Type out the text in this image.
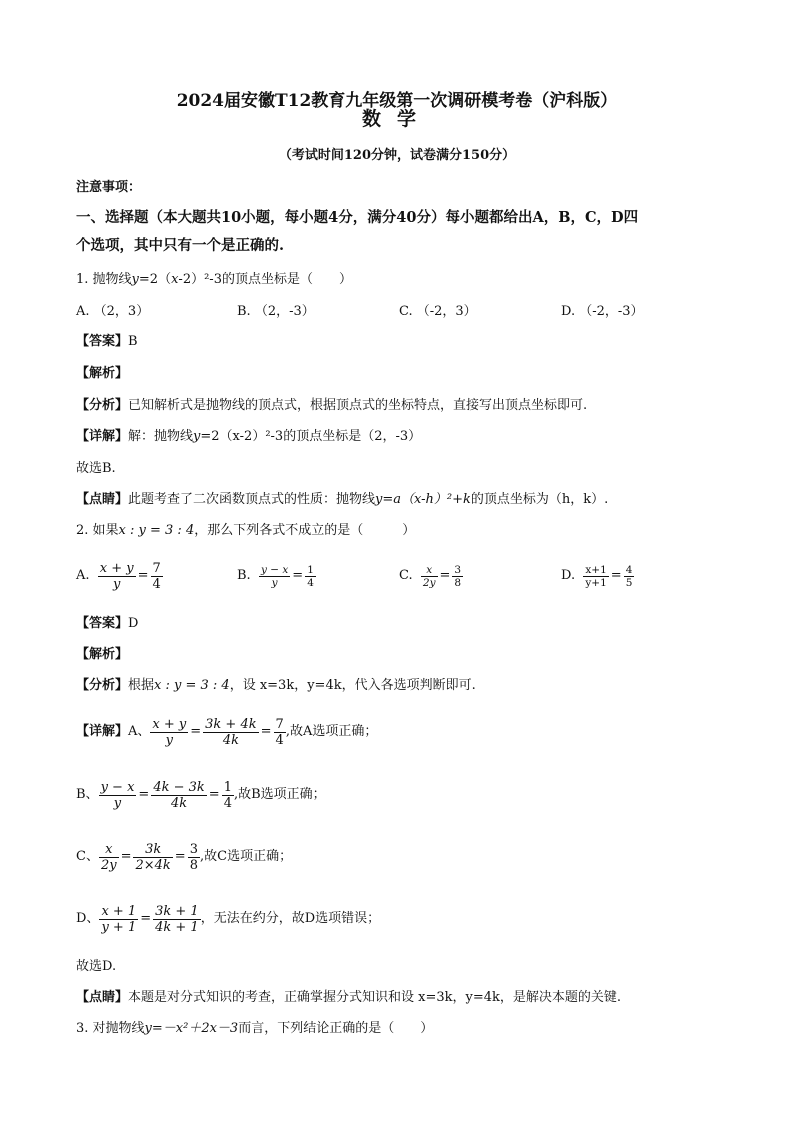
2024届安徽T12教育九年级第一次调研模考卷（沪科版）
数学
（考试时间120分钟，试卷满分150分）
注意事项：
一、选择题（本大题共10小题，每小题4分，满分40分）每小题都给出A，B，C，D四
个选项，其中只有一个是正确的.
1. 抛物线y=2（x-2）²-3的顶点坐标是（　　）
A. （2，3）	B. （2，-3）	C. （-2，3）	D. （-2，-3）
【答案】B
【解析】
【分析】已知解析式是抛物线的顶点式，根据顶点式的坐标特点，直接写出顶点坐标即可.
【详解】解：抛物线y=2（x-2）²-3的顶点坐标是（2，-3）
故选B.
【点睛】此题考查了二次函数顶点式的性质：抛物线y=a（x-h）²+k的顶点坐标为（h，k）.
2. 如果x : y = 3 : 4，那么下列各式不成立的是（　　　）
A.
$\frac{x + y}{y} = \frac{7}{4}$	B.
$\frac{y - x}{y} = \frac{1}{4}$	C.
$\frac{x}{2y} = \frac{3}{8}$	D.
$\frac{x+1}{y+1} = \frac{4}{5}$
【答案】D
【解析】
【分析】根据x : y = 3 : 4，设 x=3k，y=4k，代入各选项判断即可.
【详解】 A、 $\frac{x + y}{y} = \frac{3k + 4k}{4k} = \frac{7}{4}$ ,故A选项正确；
B、 $\frac{y - x}{y} = \frac{4k - 3k}{4k} = \frac{1}{4}$ ,故B选项正确；
C、 $\frac{x}{2y} = \frac{3k}{2\times 4k} = \frac{3}{8}$ ,故C选项正确；
D、 $\frac{x + 1}{y + 1} = \frac{3k + 1}{4k + 1}$ ，无法在约分，故D选项错误；
故选D.
【点睛】本题是对分式知识的考查，正确掌握分式知识和设 x=3k，y=4k，是解决本题的关键.
3. 对抛物线y=－x²＋2x－3而言，下列结论正确的是（　　）
